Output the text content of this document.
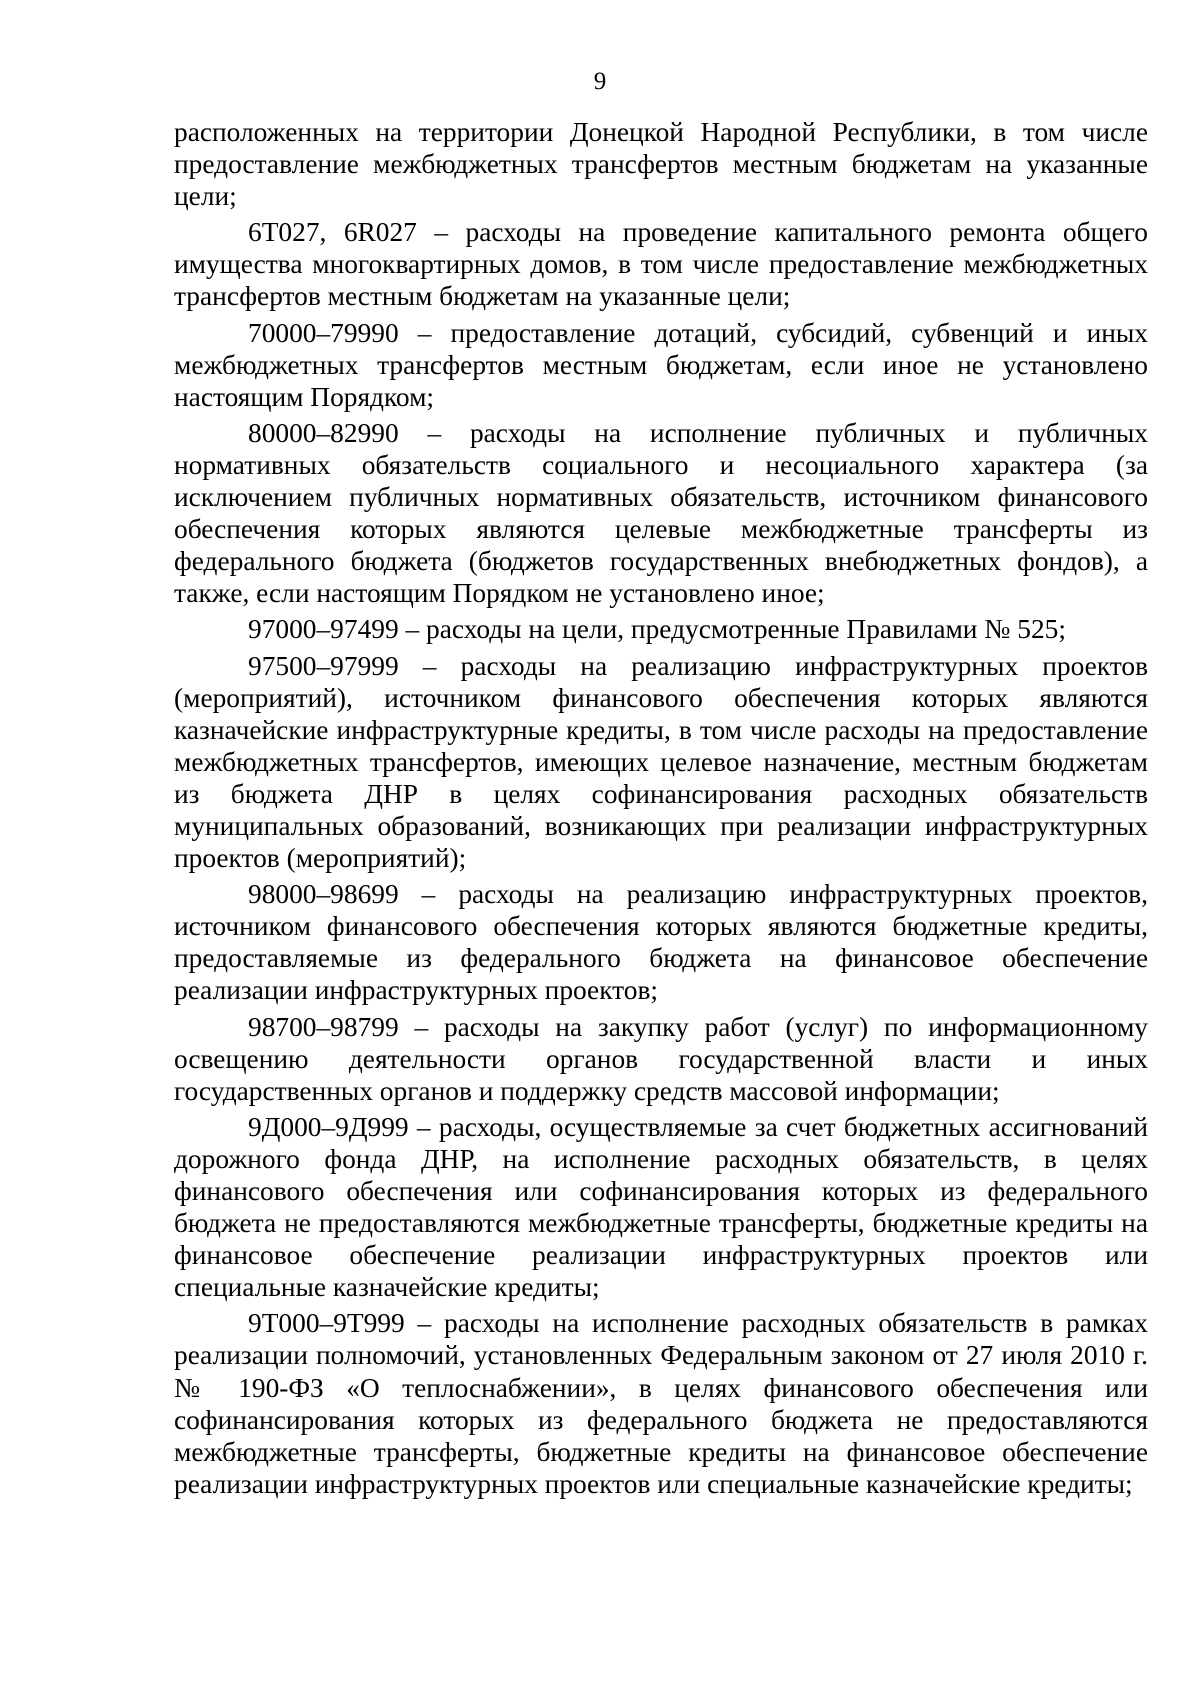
9

расположенных на территории Донецкой Народной Республики, в том числе предоставление межбюджетных трансфертов местным бюджетам на указанные цели;

6Т027, 6R027 – расходы на проведение капитального ремонта общего имущества многоквартирных домов, в том числе предоставление межбюджетных трансфертов местным бюджетам на указанные цели;

70000–79990 – предоставление дотаций, субсидий, субвенций и иных межбюджетных трансфертов местным бюджетам, если иное не установлено настоящим Порядком;

80000–82990 – расходы на исполнение публичных и публичных нормативных обязательств социального и несоциального характера (за исключением публичных нормативных обязательств, источником финансового обеспечения которых являются целевые межбюджетные трансферты из федерального бюджета (бюджетов государственных внебюджетных фондов), а также, если настоящим Порядком не установлено иное;

97000–97499 – расходы на цели, предусмотренные Правилами № 525;

97500–97999 – расходы на реализацию инфраструктурных проектов (мероприятий), источником финансового обеспечения которых являются казначейские инфраструктурные кредиты, в том числе расходы на предоставление межбюджетных трансфертов, имеющих целевое назначение, местным бюджетам из бюджета ДНР в целях софинансирования расходных обязательств муниципальных образований, возникающих при реализации инфраструктурных проектов (мероприятий);

98000–98699 – расходы на реализацию инфраструктурных проектов, источником финансового обеспечения которых являются бюджетные кредиты, предоставляемые из федерального бюджета на финансовое обеспечение реализации инфраструктурных проектов;

98700–98799 – расходы на закупку работ (услуг) по информационному освещению деятельности органов государственной власти и иных государственных органов и поддержку средств массовой информации;

9Д000–9Д999 – расходы, осуществляемые за счет бюджетных ассигнований дорожного фонда ДНР, на исполнение расходных обязательств, в целях финансового обеспечения или софинансирования которых из федерального бюджета не предоставляются межбюджетные трансферты, бюджетные кредиты на финансовое обеспечение реализации инфраструктурных проектов или специальные казначейские кредиты;

9Т000–9Т999 – расходы на исполнение расходных обязательств в рамках реализации полномочий, установленных Федеральным законом от 27 июля 2010 г. № 190-ФЗ «О теплоснабжении», в целях финансового обеспечения или софинансирования которых из федерального бюджета не предоставляются межбюджетные трансферты, бюджетные кредиты на финансовое обеспечение реализации инфраструктурных проектов или специальные казначейские кредиты;
